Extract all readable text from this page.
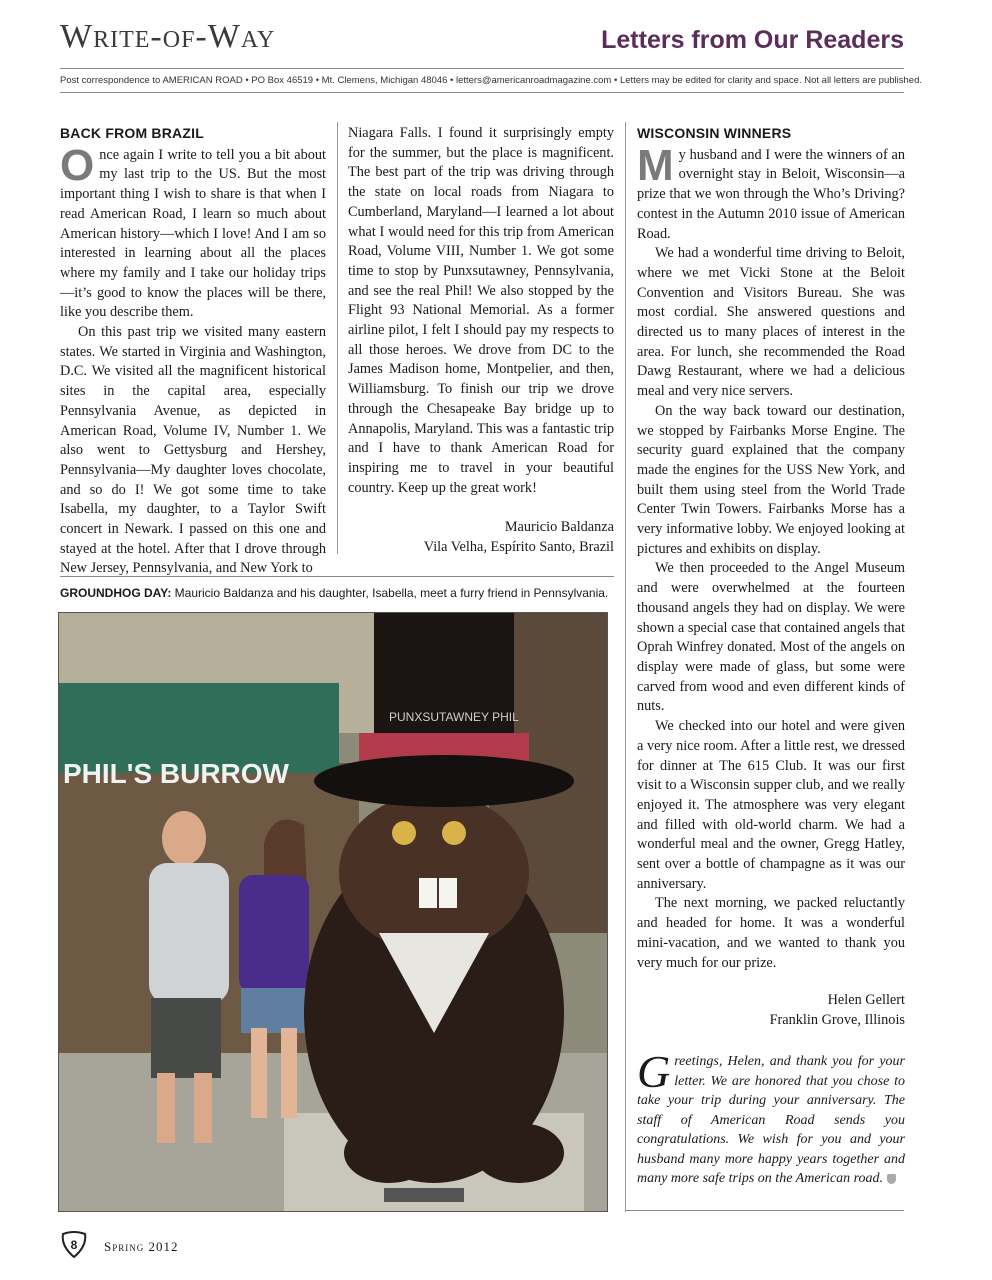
Write-of-Way	Letters from Our Readers
Post correspondence to AMERICAN ROAD • PO Box 46519 • Mt. Clemens, Michigan 48046 • letters@americanroadmagazine.com • Letters may be edited for clarity and space. Not all letters are published.
BACK FROM BRAZIL

Once again I write to tell you a bit about my last trip to the US. But the most important thing I wish to share is that when I read American Road, I learn so much about American history—which I love! And I am so interested in learning about all the places where my family and I take our holiday trips—it’s good to know the places will be there, like you describe them.

On this past trip we visited many eastern states. We started in Virginia and Washington, D.C. We visited all the magnificent historical sites in the capital area, especially Pennsylvania Avenue, as depicted in American Road, Volume IV, Number 1. We also went to Gettysburg and Hershey, Pennsylvania—My daughter loves chocolate, and so do I! We got some time to take Isabella, my daughter, to a Taylor Swift concert in Newark. I passed on this one and stayed at the hotel. After that I drove through New Jersey, Pennsylvania, and New York to

Niagara Falls. I found it surprisingly empty for the summer, but the place is magnificent. The best part of the trip was driving through the state on local roads from Niagara to Cumberland, Maryland—I learned a lot about what I would need for this trip from American Road, Volume VIII, Number 1. We got some time to stop by Punxsutawney, Pennsylvania, and see the real Phil! We also stopped by the Flight 93 National Memorial. As a former airline pilot, I felt I should pay my respects to all those heroes. We drove from DC to the James Madison home, Montpelier, and then, Williamsburg. To finish our trip we drove through the Chesapeake Bay bridge up to Annapolis, Maryland. This was a fantastic trip and I have to thank American Road for inspiring me to travel in your beautiful country. Keep up the great work!

Mauricio Baldanza

Vila Velha, Espírito Santo, Brazil

GROUNDHOG DAY: Mauricio Baldanza and his daughter, Isabella, meet a furry friend in Pennsylvania.
PHIL'S BURROW
PUNXSUTAWNEY PHIL
WISCONSIN WINNERS

My husband and I were the winners of an overnight stay in Beloit, Wisconsin—a prize that we won through the Who’s Driving? contest in the Autumn 2010 issue of American Road.

We had a wonderful time driving to Beloit, where we met Vicki Stone at the Beloit Convention and Visitors Bureau. She was most cordial. She answered questions and directed us to many places of interest in the area. For lunch, she recommended the Road Dawg Restaurant, where we had a delicious meal and very nice servers.

On the way back toward our destination, we stopped by Fairbanks Morse Engine. The security guard explained that the company made the engines for the USS New York, and built them using steel from the World Trade Center Twin Towers. Fairbanks Morse has a very informative lobby. We enjoyed looking at pictures and exhibits on display.

We then proceeded to the Angel Museum and were overwhelmed at the fourteen thousand angels they had on display. We were shown a special case that contained angels that Oprah Winfrey donated. Most of the angels on display were made of glass, but some were carved from wood and even different kinds of nuts.

We checked into our hotel and were given a very nice room. After a little rest, we dressed for dinner at The 615 Club. It was our first visit to a Wisconsin supper club, and we really enjoyed it. The atmosphere was very elegant and filled with old-world charm. We had a wonderful meal and the owner, Gregg Hatley, sent over a bottle of champagne as it was our anniversary.

The next morning, we packed reluctantly and headed for home. It was a wonderful mini-vacation, and we wanted to thank you very much for our prize.

Helen Gellert

Franklin Grove, Illinois

Greetings, Helen, and thank you for your letter. We are honored that you chose to take your trip during your anniversary. The staff of American Road sends you congratulations. We wish for you and your husband many more happy years together and many more safe trips on the American road.
8 Spring 2012
